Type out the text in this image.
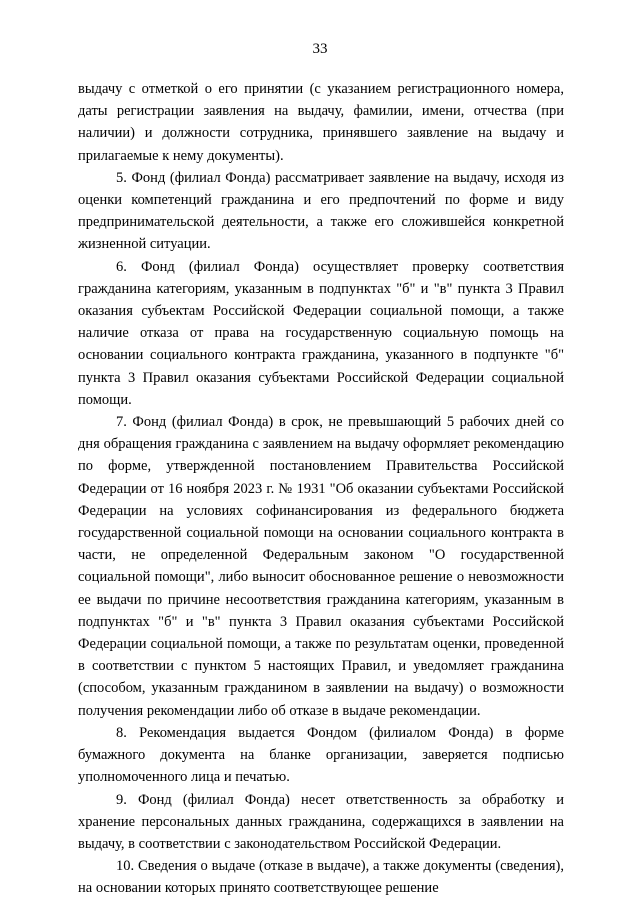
33

выдачу с отметкой о его принятии (с указанием регистрационного номера, даты регистрации заявления на выдачу, фамилии, имени, отчества (при наличии) и должности сотрудника, принявшего заявление на выдачу и прилагаемые к нему документы).

5. Фонд (филиал Фонда) рассматривает заявление на выдачу, исходя из оценки компетенций гражданина и его предпочтений по форме и виду предпринимательской деятельности, а также его сложившейся конкретной жизненной ситуации.

6. Фонд (филиал Фонда) осуществляет проверку соответствия гражданина категориям, указанным в подпунктах "б" и "в" пункта 3 Правил оказания субъектам Российской Федерации социальной помощи, а также наличие отказа от права на государственную социальную помощь на основании социального контракта гражданина, указанного в подпункте "б" пункта 3 Правил оказания субъектами Российской Федерации социальной помощи.

7. Фонд (филиал Фонда) в срок, не превышающий 5 рабочих дней со дня обращения гражданина с заявлением на выдачу оформляет рекомендацию по форме, утвержденной постановлением Правительства Российской Федерации от 16 ноября 2023 г. № 1931 "Об оказании субъектами Российской Федерации на условиях софинансирования из федерального бюджета государственной социальной помощи на основании социального контракта в части, не определенной Федеральным законом "О государственной социальной помощи", либо выносит обоснованное решение о невозможности ее выдачи по причине несоответствия гражданина категориям, указанным в подпунктах "б" и "в" пункта 3 Правил оказания субъектами Российской Федерации социальной помощи, а также по результатам оценки, проведенной в соответствии с пунктом 5 настоящих Правил, и уведомляет гражданина (способом, указанным гражданином в заявлении на выдачу) о возможности получения рекомендации либо об отказе в выдаче рекомендации.

8. Рекомендация выдается Фондом (филиалом Фонда) в форме бумажного документа на бланке организации, заверяется подписью уполномоченного лица и печатью.

9. Фонд (филиал Фонда) несет ответственность за обработку и хранение персональных данных гражданина, содержащихся в заявлении на выдачу, в соответствии с законодательством Российской Федерации.

10. Сведения о выдаче (отказе в выдаче), а также документы (сведения), на основании которых принято соответствующее решение
